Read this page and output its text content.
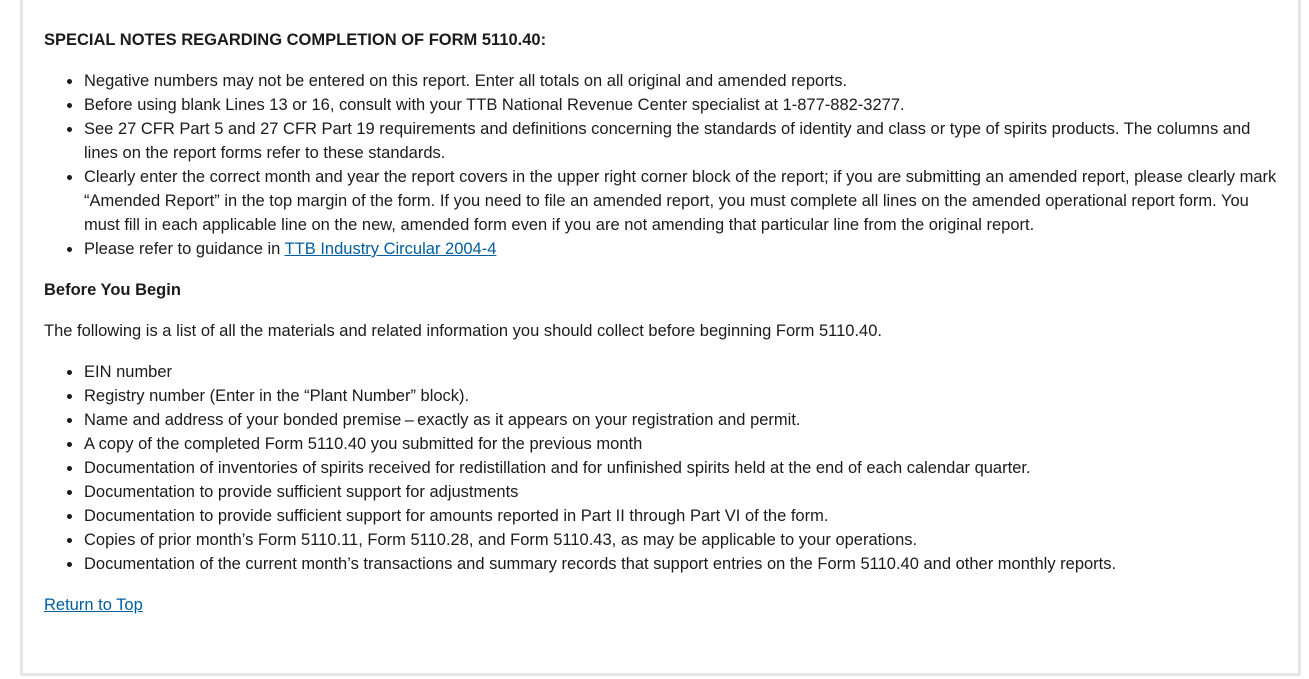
SPECIAL NOTES REGARDING COMPLETION OF FORM 5110.40:
Negative numbers may not be entered on this report. Enter all totals on all original and amended reports.
Before using blank Lines 13 or 16, consult with your TTB National Revenue Center specialist at 1-877-882-3277.
See 27 CFR Part 5 and 27 CFR Part 19 requirements and definitions concerning the standards of identity and class or type of spirits products. The columns and lines on the report forms refer to these standards.
Clearly enter the correct month and year the report covers in the upper right corner block of the report; if you are submitting an amended report, please clearly mark “Amended Report” in the top margin of the form. If you need to file an amended report, you must complete all lines on the amended operational report form. You must fill in each applicable line on the new, amended form even if you are not amending that particular line from the original report.
Please refer to guidance in TTB Industry Circular 2004-4
Before You Begin

The following is a list of all the materials and related information you should collect before beginning Form 5110.40.

EIN number
Registry number (Enter in the “Plant Number” block).
Name and address of your bonded premise – exactly as it appears on your registration and permit.
A copy of the completed Form 5110.40 you submitted for the previous month
Documentation of inventories of spirits received for redistillation and for unfinished spirits held at the end of each calendar quarter.
Documentation to provide sufficient support for adjustments
Documentation to provide sufficient support for amounts reported in Part II through Part VI of the form.
Copies of prior month’s Form 5110.11, Form 5110.28, and Form 5110.43, as may be applicable to your operations.
Documentation of the current month’s transactions and summary records that support entries on the Form 5110.40 and other monthly reports.

Return to Top
